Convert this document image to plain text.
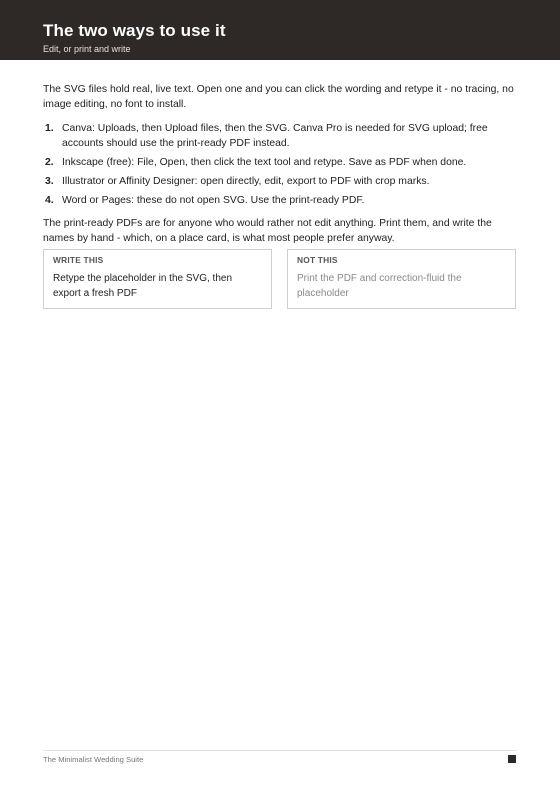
The two ways to use it
Edit, or print and write

The SVG files hold real, live text. Open one and you can click the wording and retype it - no tracing, no image editing, no font to install.

1. Canva: Uploads, then Upload files, then the SVG. Canva Pro is needed for SVG upload; free accounts should use the print-ready PDF instead.
2. Inkscape (free): File, Open, then click the text tool and retype. Save as PDF when done.
3. Illustrator or Affinity Designer: open directly, edit, export to PDF with crop marks.
4. Word or Pages: these do not open SVG. Use the print-ready PDF.

The print-ready PDFs are for anyone who would rather not edit anything. Print them, and write the names by hand - which, on a place card, is what most people prefer anyway.

WRITE THIS
Retype the placeholder in the SVG, then export a fresh PDF
NOT THIS
Print the PDF and correction-fluid the placeholder
The Minimalist Wedding Suite
